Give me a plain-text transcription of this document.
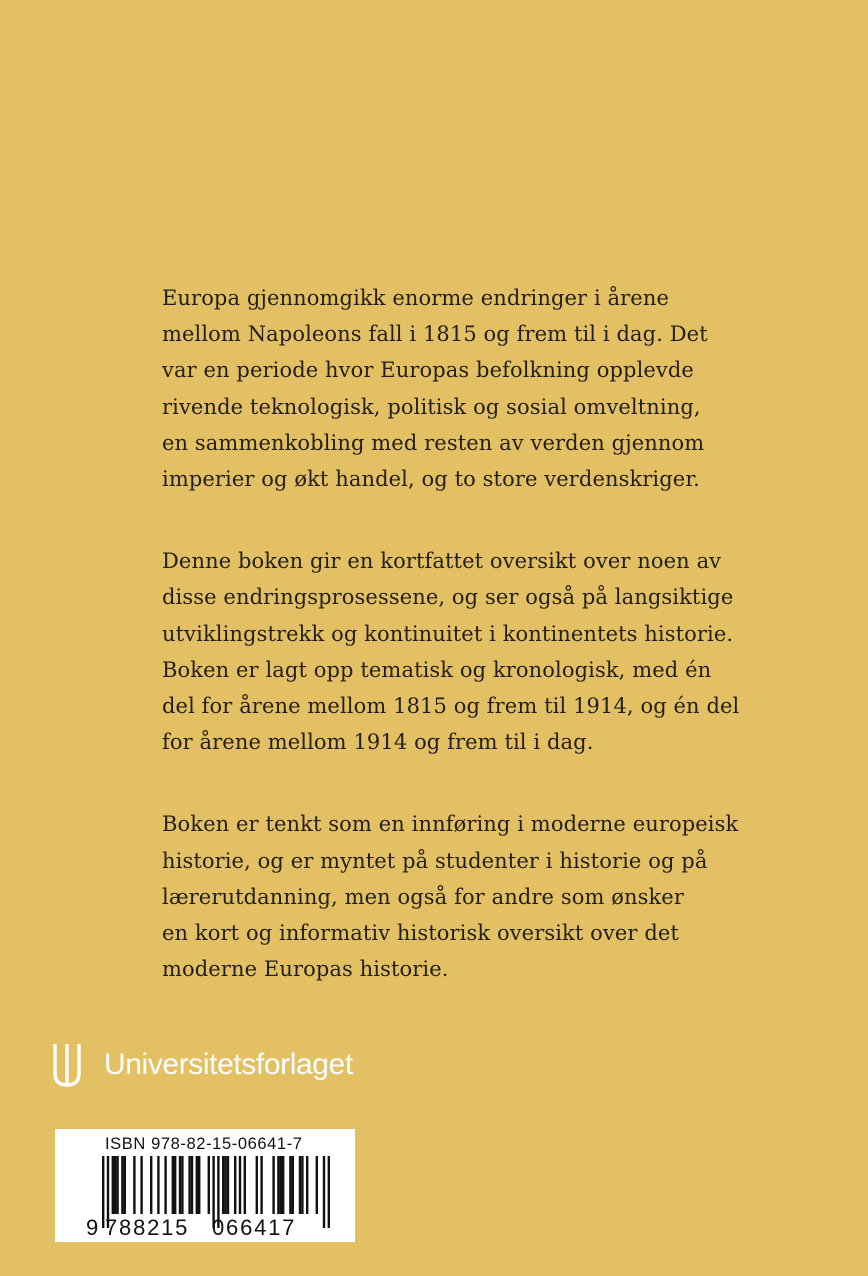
Europa gjennomgikk enorme endringer i årene
mellom Napoleons fall i 1815 og frem til i dag. Det
var en periode hvor Europas befolkning opplevde
rivende teknologisk, politisk og sosial omveltning,
en sammenkobling med resten av verden gjennom
imperier og økt handel, og to store verdenskriger.

Denne boken gir en kortfattet oversikt over noen av
disse endringsprosessene, og ser også på langsiktige
utviklingstrekk og kontinuitet i kontinentets historie.
Boken er lagt opp tematisk og kronologisk, med én
del for årene mellom 1815 og frem til 1914, og én del
for årene mellom 1914 og frem til i dag.

Boken er tenkt som en innføring i moderne europeisk
historie, og er myntet på studenter i historie og på
lærerutdanning, men også for andre som ønsker
en kort og informativ historisk oversikt over det
moderne Europas historie.

Universitetsforlaget
ISBN 978-82-15-06641-7
9 788215 066417
